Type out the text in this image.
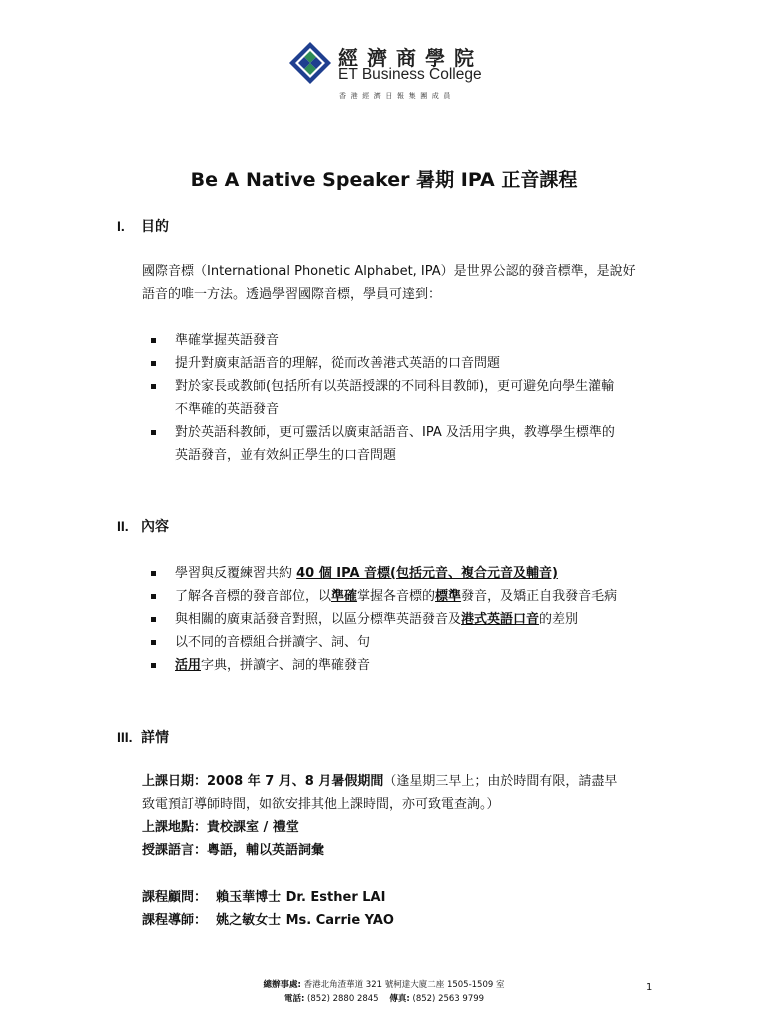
經濟商學院
ET Business College
香港經濟日報集團成員
Be A Native Speaker 暑期 IPA 正音課程
I. 目的
國際音標（International Phonetic Alphabet, IPA）是世界公認的發音標準，是說好
語音的唯一方法。透過學習國際音標，學員可達到：
準確掌握英語發音
提升對廣東話語音的理解，從而改善港式英語的口音問題
對於家長或教師(包括所有以英語授課的不同科目教師)，更可避免向學生灌輸
不準確的英語發音
對於英語科教師，更可靈活以廣東話語音、IPA 及活用字典，教導學生標準的
英語發音，並有效糾正學生的口音問題
II. 內容
學習與反覆練習共約 40 個 IPA 音標(包括元音、複合元音及輔音)
了解各音標的發音部位，以準確掌握各音標的標準發音，及矯正自我發音毛病
與相關的廣東話發音對照，以區分標準英語發音及港式英語口音的差別
以不同的音標組合拼讀字、詞、句
活用字典，拼讀字、詞的準確發音
III. 詳情
上課日期：2008 年 7 月、8 月暑假期間（逢星期三早上；由於時間有限，請盡早
致電預訂導師時間，如欲安排其他上課時間，亦可致電查詢。）
上課地點：貴校課室 / 禮堂
授課語言：粵語，輔以英語詞彙
課程顧問： 賴玉華博士 Dr. Esther LAI
課程導師： 姚之敏女士 Ms. Carrie YAO
總辦事處: 香港北角渣華道 321 號柯達大廈二座 1505-1509 室
電話: (852) 2880 2845 傳真: (852) 2563 9799
1
